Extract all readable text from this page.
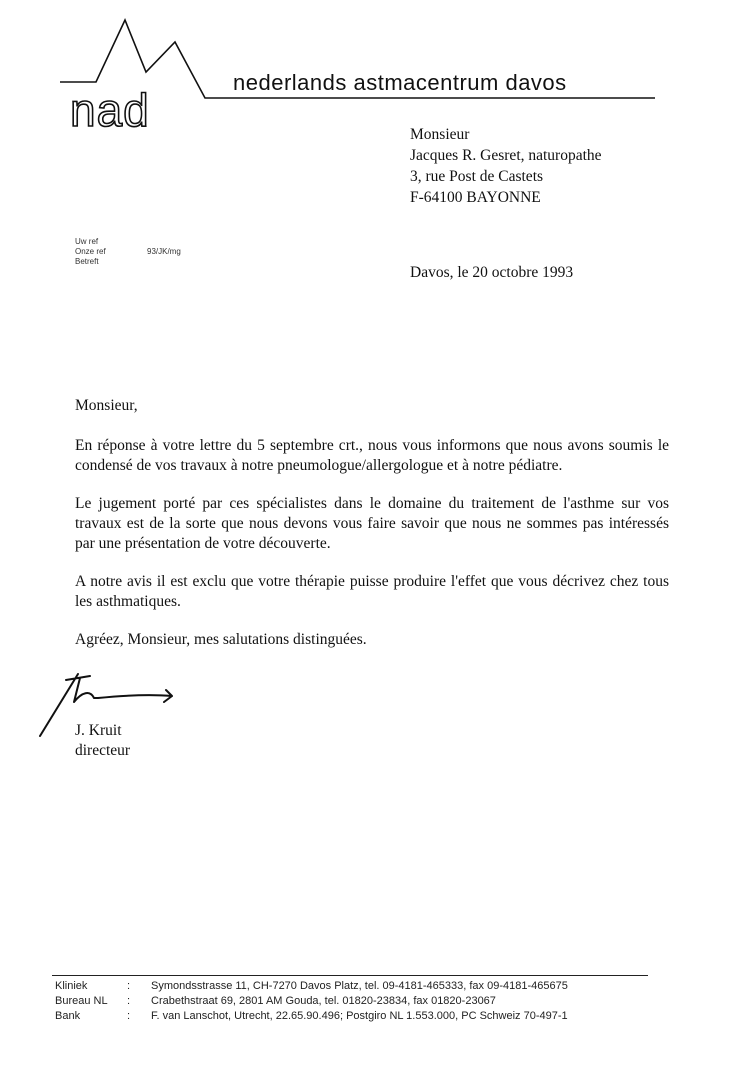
nad
nederlands astmacentrum davos
Monsieur
Jacques R. Gesret, naturopathe
3, rue Post de Castets
F-64100 BAYONNE
Uw ref
Onze ref	93/JK/mg
Betreft
Davos, le 20 octobre 1993

Monsieur,

En réponse à votre lettre du 5 septembre crt., nous vous informons que nous avons soumis le condensé de vos travaux à notre pneumologue/allergologue et à notre pédiatre.

Le jugement porté par ces spécialistes dans le domaine du traitement de l'asthme sur vos travaux est de la sorte que nous devons vous faire savoir que nous ne sommes pas intéressés par une présentation de votre découverte.

A notre avis il est exclu que votre thérapie puisse produire l'effet que vous décrivez chez tous les asthmatiques.

Agréez, Monsieur, mes salutations distinguées.

J. Kruit
directeur
Kliniek	:	Symondsstrasse 11, CH-7270 Davos Platz, tel. 09-4181-465333, fax 09-4181-465675
Bureau NL	:	Crabethstraat 69, 2801 AM Gouda, tel. 01820-23834, fax 01820-23067
Bank	:	F. van Lanschot, Utrecht, 22.65.90.496; Postgiro NL 1.553.000, PC Schweiz 70-497-1
